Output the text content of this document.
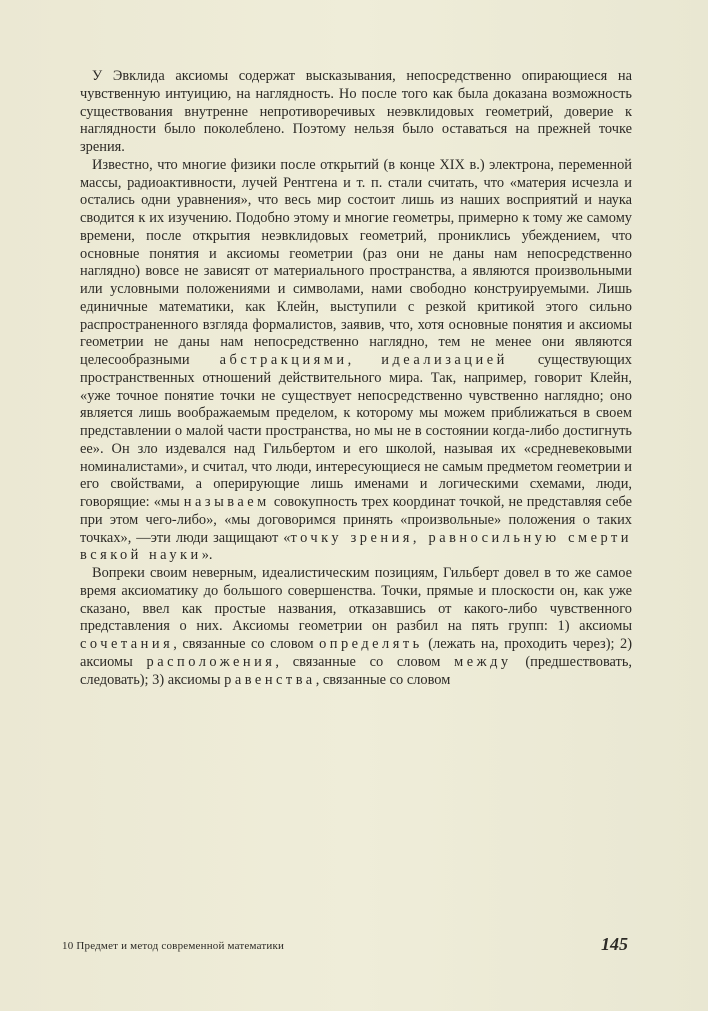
У Эвклида аксиомы содержат высказывания, непосредственно опирающиеся на чувственную интуицию, на наглядность. Но после того как была доказана возможность существования внутренне непротиворечивых неэвклидовых геометрий, доверие к наглядности было поколеблено. Поэтому нельзя было оставаться на прежней точке зрения.

Известно, что многие физики после открытий (в конце XIX в.) электрона, переменной массы, радиоактивности, лучей Рентгена и т. п. стали считать, что «материя исчезла и остались одни уравнения», что весь мир состоит лишь из наших восприятий и наука сводится к их изучению. Подобно этому и многие геометры, примерно к тому же самому времени, после открытия неэвклидовых геометрий, прониклись убеждением, что основные понятия и аксиомы геометрии (раз они не даны нам непосредственно наглядно) вовсе не зависят от материального пространства, а являются произвольными или условными положениями и символами, нами свободно конструируемыми. Лишь единичные математики, как Клейн, выступили с резкой критикой этого сильно распространенного взгляда формалистов, заявив, что, хотя основные понятия и аксиомы геометрии не даны нам непосредственно наглядно, тем не менее они являются целесообразными абстракциями, идеализацией существующих пространственных отношений действительного мира. Так, например, говорит Клейн, «уже точное понятие точки не существует непосредственно чувственно наглядно; оно является лишь воображаемым пределом, к которому мы можем приближаться в своем представлении о малой части пространства, но мы не в состоянии когда-либо достигнуть ее». Он зло издевался над Гильбертом и его школой, называя их «средневековыми номиналистами», и считал, что люди, интересующиеся не самым предметом геометрии и его свойствами, а оперирующие лишь именами и логическими схемами, люди, говорящие: «мы называем совокупность трех координат точкой, не представляя себе при этом чего-либо», «мы договоримся принять «произвольные» положения о таких точках», —эти люди защищают «точку зрения, равносильную смерти всякой науки».

Вопреки своим неверным, идеалистическим позициям, Гильберт довел в то же самое время аксиоматику до большого совершенства. Точки, прямые и плоскости он, как уже сказано, ввел как простые названия, отказавшись от какого-либо чувственного представления о них. Аксиомы геометрии он разбил на пять групп: 1) аксиомы сочетания, связанные со словом определять (лежать на, проходить через); 2) аксиомы расположения, связанные со словом между (предшествовать, следовать); 3) аксиомы равенства, связанные со словом

10 Предмет и метод современной математики	145
